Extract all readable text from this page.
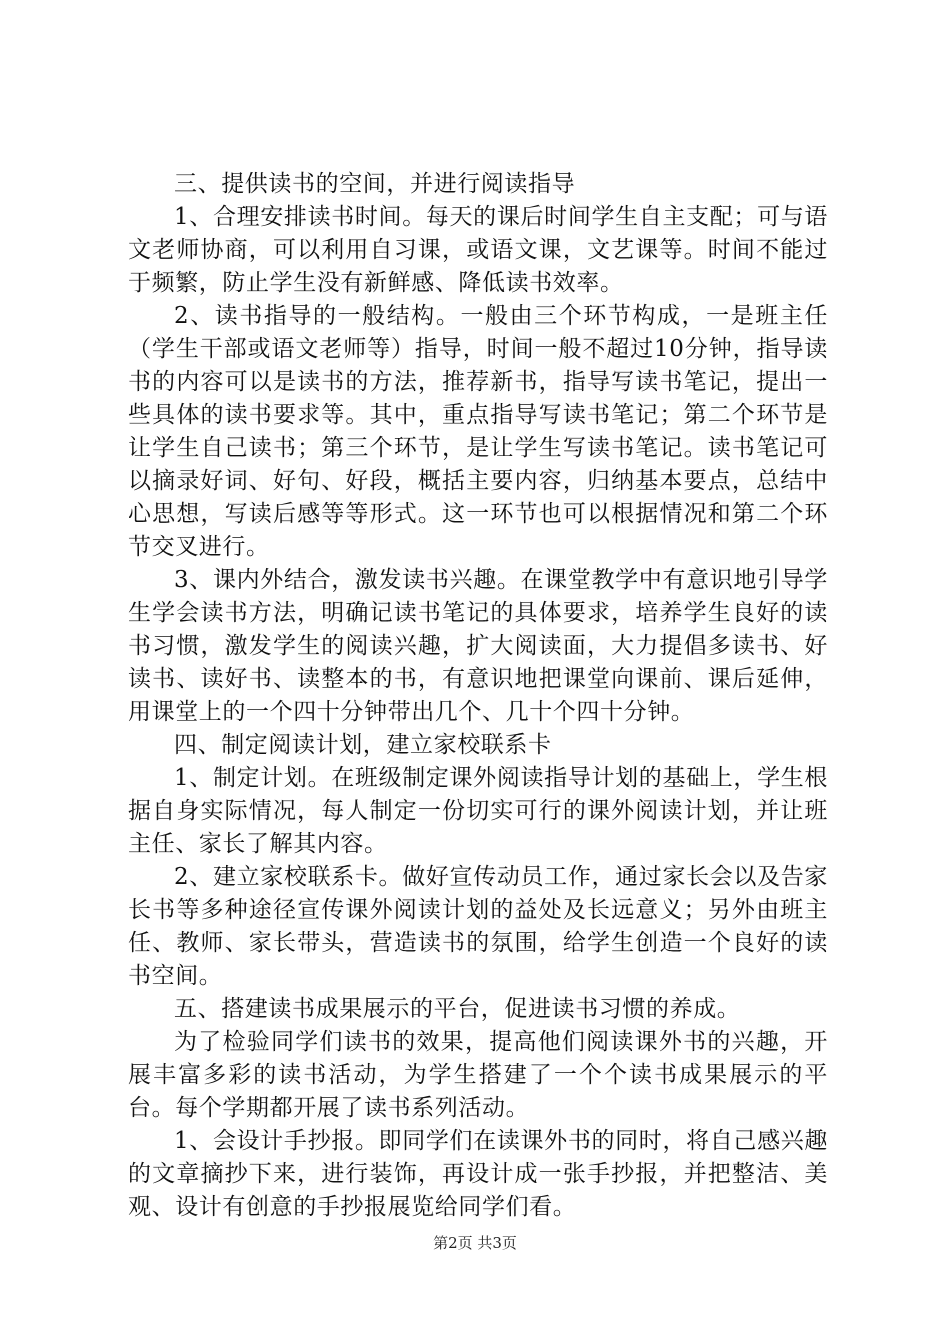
三、提供读书的空间，并进行阅读指导

1、合理安排读书时间。每天的课后时间学生自主支配；可与语文老师协商，可以利用自习课，或语文课，文艺课等。时间不能过于频繁，防止学生没有新鲜感、降低读书效率。

2、读书指导的一般结构。一般由三个环节构成，一是班主任（学生干部或语文老师等）指导，时间一般不超过10分钟，指导读书的内容可以是读书的方法，推荐新书，指导写读书笔记，提出一些具体的读书要求等。其中，重点指导写读书笔记；第二个环节是让学生自己读书；第三个环节，是让学生写读书笔记。读书笔记可以摘录好词、好句、好段，概括主要内容，归纳基本要点，总结中心思想，写读后感等等形式。这一环节也可以根据情况和第二个环节交叉进行。

3、课内外结合，激发读书兴趣。在课堂教学中有意识地引导学生学会读书方法，明确记读书笔记的具体要求，培养学生良好的读书习惯，激发学生的阅读兴趣，扩大阅读面，大力提倡多读书、好读书、读好书、读整本的书，有意识地把课堂向课前、课后延伸，用课堂上的一个四十分钟带出几个、几十个四十分钟。

四、制定阅读计划，建立家校联系卡

1、制定计划。在班级制定课外阅读指导计划的基础上，学生根据自身实际情况，每人制定一份切实可行的课外阅读计划，并让班主任、家长了解其内容。

2、建立家校联系卡。做好宣传动员工作，通过家长会以及告家长书等多种途径宣传课外阅读计划的益处及长远意义；另外由班主任、教师、家长带头，营造读书的氛围，给学生创造一个良好的读书空间。

五、搭建读书成果展示的平台，促进读书习惯的养成。

为了检验同学们读书的效果，提高他们阅读课外书的兴趣，开展丰富多彩的读书活动，为学生搭建了一个个读书成果展示的平台。每个学期都开展了读书系列活动。

1、会设计手抄报。即同学们在读课外书的同时，将自己感兴趣的文章摘抄下来，进行装饰，再设计成一张手抄报，并把整洁、美观、设计有创意的手抄报展览给同学们看。

第2页 共3页
